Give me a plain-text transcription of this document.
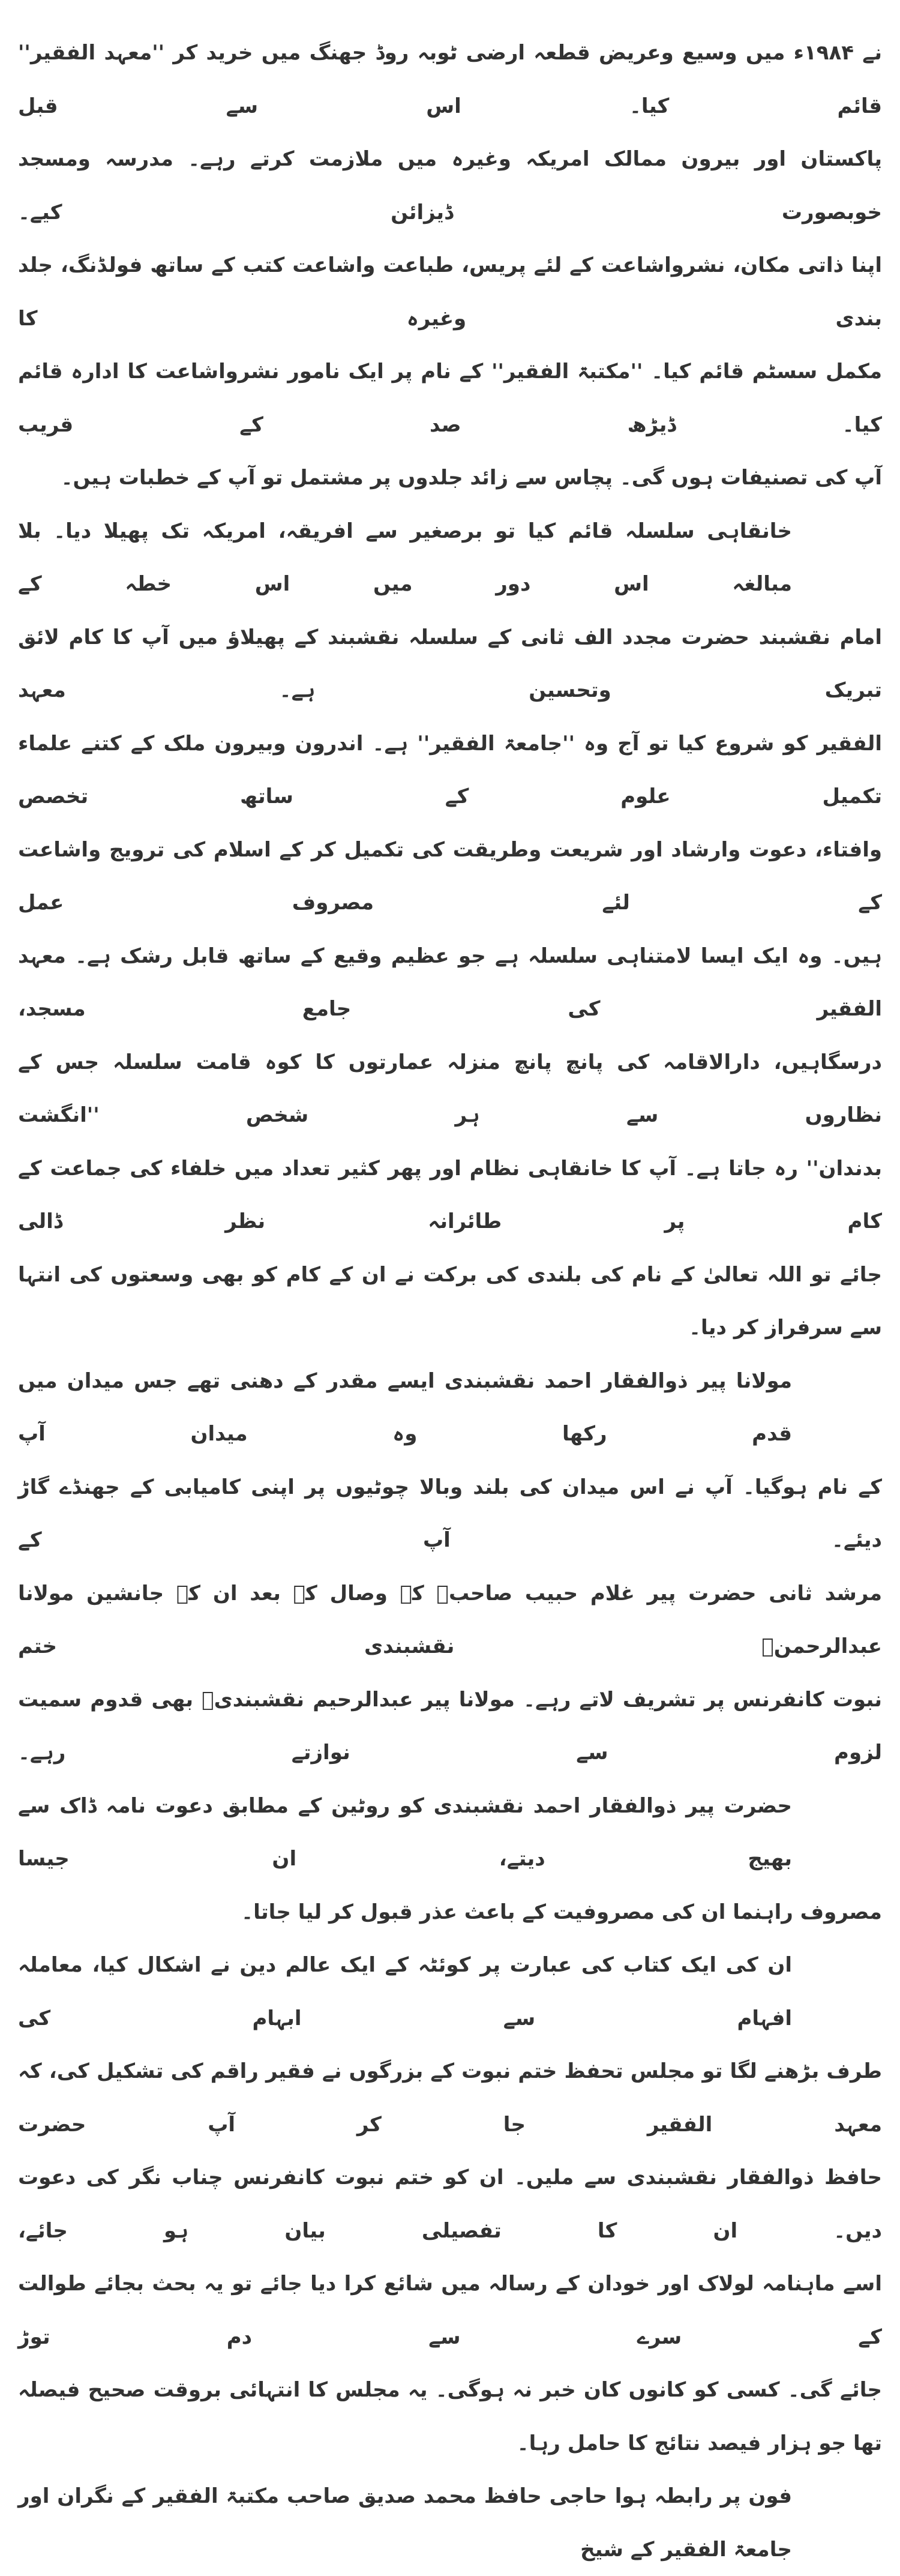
نے ۱۹۸۴ء میں وسیع وعریض قطعہ ارضی ٹوبہ روڈ جھنگ میں خرید کر ''معہد الفقیر'' قائم کیا۔ اس سے قبل
پاکستان اور بیرون ممالک امریکہ وغیرہ میں ملازمت کرتے رہے۔ مدرسہ ومسجد خوبصورت ڈیزائن کیے۔
اپنا ذاتی مکان، نشرواشاعت کے لئے پریس، طباعت واشاعت کتب کے ساتھ فولڈنگ، جلد بندی وغیرہ کا
مکمل سسٹم قائم کیا۔ ''مکتبۃ الفقیر'' کے نام پر ایک نامور نشرواشاعت کا ادارہ قائم کیا۔ ڈیڑھ صد کے قریب
آپ کی تصنیفات ہوں گی۔ پچاس سے زائد جلدوں پر مشتمل تو آپ کے خطبات ہیں۔
خانقاہی سلسلہ قائم کیا تو برصغیر سے افریقہ، امریکہ تک پھیلا دیا۔ بلا مبالغہ اس دور میں اس خطہ کے
امام نقشبند حضرت مجدد الف ثانی کے سلسلہ نقشبند کے پھیلاؤ میں آپ کا کام لائق تبریک وتحسین ہے۔ معہد
الفقیر کو شروع کیا تو آج وہ ''جامعۃ الفقیر'' ہے۔ اندرون وبیرون ملک کے کتنے علماء تکمیل علوم کے ساتھ تخصص
وافتاء، دعوت وارشاد اور شریعت وطریقت کی تکمیل کر کے اسلام کی ترویج واشاعت کے لئے مصروف عمل
ہیں۔ وہ ایک ایسا لامتناہی سلسلہ ہے جو عظیم وقیع کے ساتھ قابل رشک ہے۔ معہد الفقیر کی جامع مسجد،
درسگاہیں، دارالاقامہ کی پانچ پانچ منزلہ عمارتوں کا کوہ قامت سلسلہ جس کے نظاروں سے ہر شخص ''انگشت
بدندان'' رہ جاتا ہے۔ آپ کا خانقاہی نظام اور پھر کثیر تعداد میں خلفاء کی جماعت کے کام پر طائرانہ نظر ڈالی
جائے تو اللہ تعالیٰ کے نام کی بلندی کی برکت نے ان کے کام کو بھی وسعتوں کی انتہا سے سرفراز کر دیا۔
مولانا پیر ذوالفقار احمد نقشبندی ایسے مقدر کے دھنی تھے جس میدان میں قدم رکھا وہ میدان آپ
کے نام ہوگیا۔ آپ نے اس میدان کی بلند وبالا چوٹیوں پر اپنی کامیابی کے جھنڈے گاڑ دیئے۔ آپ کے
مرشد ثانی حضرت پیر غلام حبیب صاحبؒ کے وصال کے بعد ان کے جانشین مولانا عبدالرحمنؒ نقشبندی ختم
نبوت کانفرنس پر تشریف لاتے رہے۔ مولانا پیر عبدالرحیم نقشبندیؒ بھی قدوم سمیت لزوم سے نوازتے رہے۔
حضرت پیر ذوالفقار احمد نقشبندی کو روٹین کے مطابق دعوت نامہ ڈاک سے بھیج دیتے، ان جیسا
مصروف راہنما ان کی مصروفیت کے باعث عذر قبول کر لیا جاتا۔
ان کی ایک کتاب کی عبارت پر کوئٹہ کے ایک عالم دین نے اشکال کیا، معاملہ افہام سے ابہام کی
طرف بڑھنے لگا تو مجلس تحفظ ختم نبوت کے بزرگوں نے فقیر راقم کی تشکیل کی، کہ معہد الفقیر جا کر آپ حضرت
حافظ ذوالفقار نقشبندی سے ملیں۔ ان کو ختم نبوت کانفرنس چناب نگر کی دعوت دیں۔ ان کا تفصیلی بیان ہو جائے،
اسے ماہنامہ لولاک اور خودان کے رسالہ میں شائع کرا دیا جائے تو یہ بحث بجائے طوالت کے سرے سے دم توڑ
جائے گی۔ کسی کو کانوں کان خبر نہ ہوگی۔ یہ مجلس کا انتہائی بروقت صحیح فیصلہ تھا جو ہزار فیصد نتائج کا حامل رہا۔
فون پر رابطہ ہوا حاجی حافظ محمد صدیق صاحب مکتبۃ الفقیر کے نگران اور جامعۃ الفقیر کے شیخ
